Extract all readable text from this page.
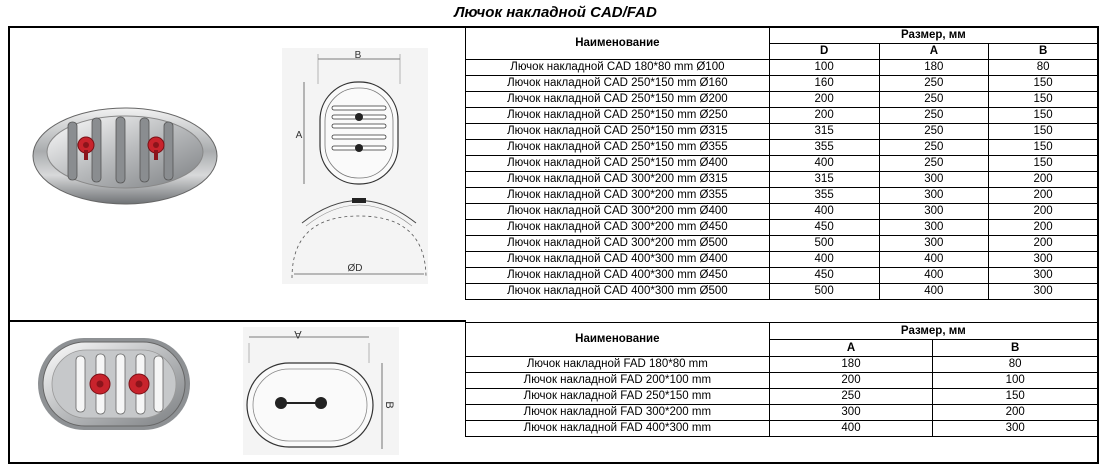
Лючок накладной CAD/FAD
B
A
ØD
A
B
Наименование	Размер, мм		
	D	A	B
Лючок накладной CAD 180*80 mm Ø100	100	180	80
Лючок накладной CAD 250*150 mm Ø160	160	250	150
Лючок накладной CAD 250*150 mm Ø200	200	250	150
Лючок накладной CAD 250*150 mm Ø250	200	250	150
Лючок накладной CAD 250*150 mm Ø315	315	250	150
Лючок накладной CAD 250*150 mm Ø355	355	250	150
Лючок накладной CAD 250*150 mm Ø400	400	250	150
Лючок накладной CAD 300*200 mm Ø315	315	300	200
Лючок накладной CAD 300*200 mm Ø355	355	300	200
Лючок накладной CAD 300*200 mm Ø400	400	300	200
Лючок накладной CAD 300*200 mm Ø450	450	300	200
Лючок накладной CAD 300*200 mm Ø500	500	300	200
Лючок накладной CAD 400*300 mm Ø400	400	400	300
Лючок накладной CAD 400*300 mm Ø450	450	400	300
Лючок накладной CAD 400*300 mm Ø500	500	400	300
Наименование	Размер, мм	
	A	B
Лючок накладной FAD 180*80 mm	180	80
Лючок накладной FAD 200*100 mm	200	100
Лючок накладной FAD 250*150 mm	250	150
Лючок накладной FAD 300*200 mm	300	200
Лючок накладной FAD 400*300 mm	400	300
